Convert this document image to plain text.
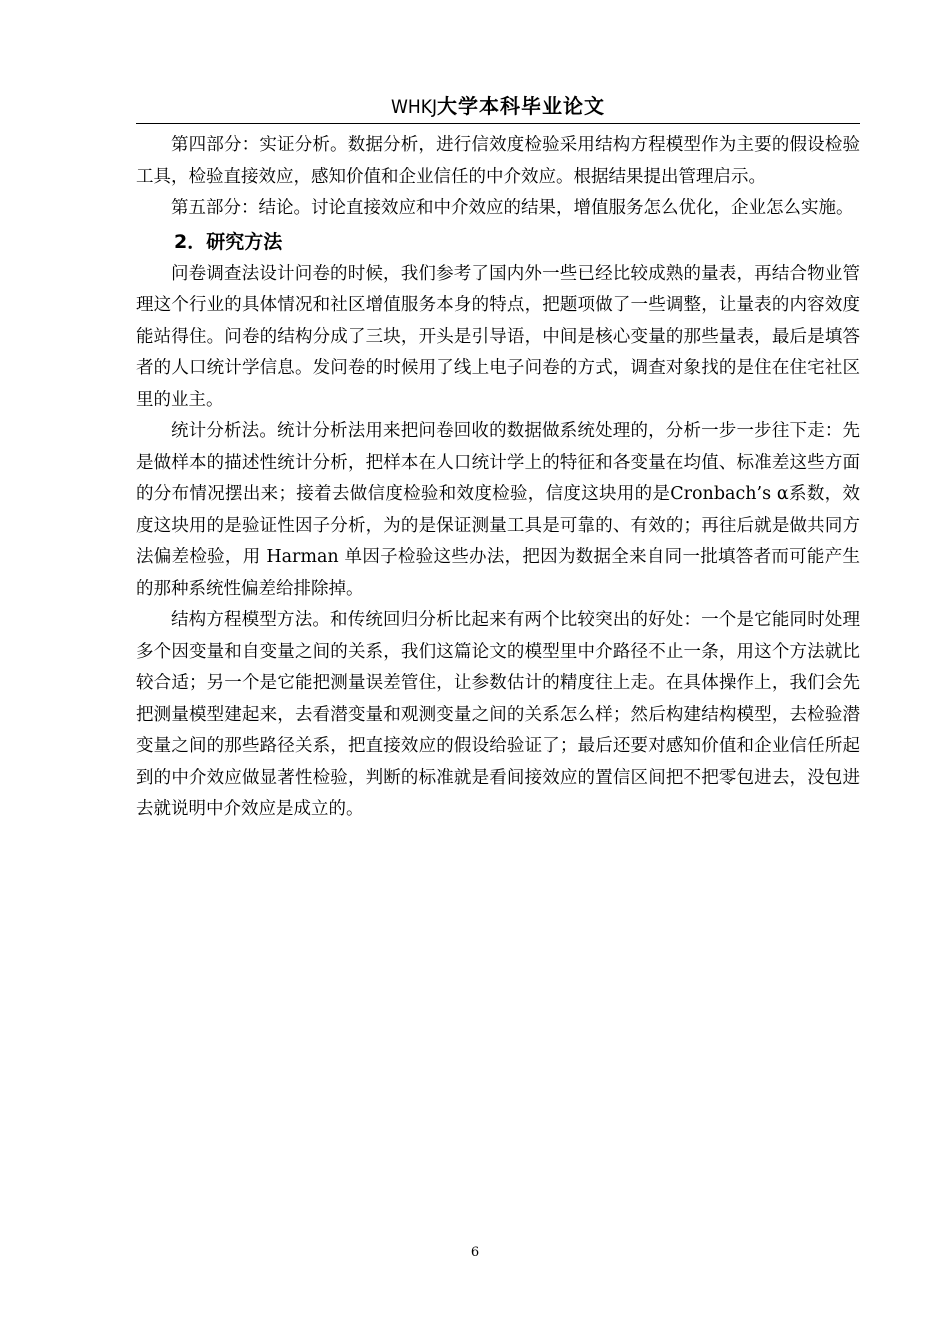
WHKJ大学本科毕业论文

第四部分：实证分析。数据分析，进行信效度检验采用结构方程模型作为主要的假设检验工具，检验直接效应，感知价值和企业信任的中介效应。根据结果提出管理启示。

第五部分：结论。讨论直接效应和中介效应的结果，增值服务怎么优化，企业怎么实施。

2．研究方法

问卷调查法设计问卷的时候，我们参考了国内外一些已经比较成熟的量表，再结合物业管理这个行业的具体情况和社区增值服务本身的特点，把题项做了一些调整，让量表的内容效度能站得住。问卷的结构分成了三块，开头是引导语，中间是核心变量的那些量表，最后是填答者的人口统计学信息。发问卷的时候用了线上电子问卷的方式，调查对象找的是住在住宅社区里的业主。

统计分析法。统计分析法用来把问卷回收的数据做系统处理的，分析一步一步往下走：先是做样本的描述性统计分析，把样本在人口统计学上的特征和各变量在均值、标准差这些方面的分布情况摆出来；接着去做信度检验和效度检验，信度这块用的是Cronbach’s α系数，效度这块用的是验证性因子分析，为的是保证测量工具是可靠的、有效的；再往后就是做共同方法偏差检验，用 Harman 单因子检验这些办法，把因为数据全来自同一批填答者而可能产生的那种系统性偏差给排除掉。

结构方程模型方法。和传统回归分析比起来有两个比较突出的好处：一个是它能同时处理多个因变量和自变量之间的关系，我们这篇论文的模型里中介路径不止一条，用这个方法就比较合适；另一个是它能把测量误差管住，让参数估计的精度往上走。在具体操作上，我们会先把测量模型建起来，去看潜变量和观测变量之间的关系怎么样；然后构建结构模型，去检验潜变量之间的那些路径关系，把直接效应的假设给验证了；最后还要对感知价值和企业信任所起到的中介效应做显著性检验，判断的标准就是看间接效应的置信区间把不把零包进去，没包进去就说明中介效应是成立的。

6
